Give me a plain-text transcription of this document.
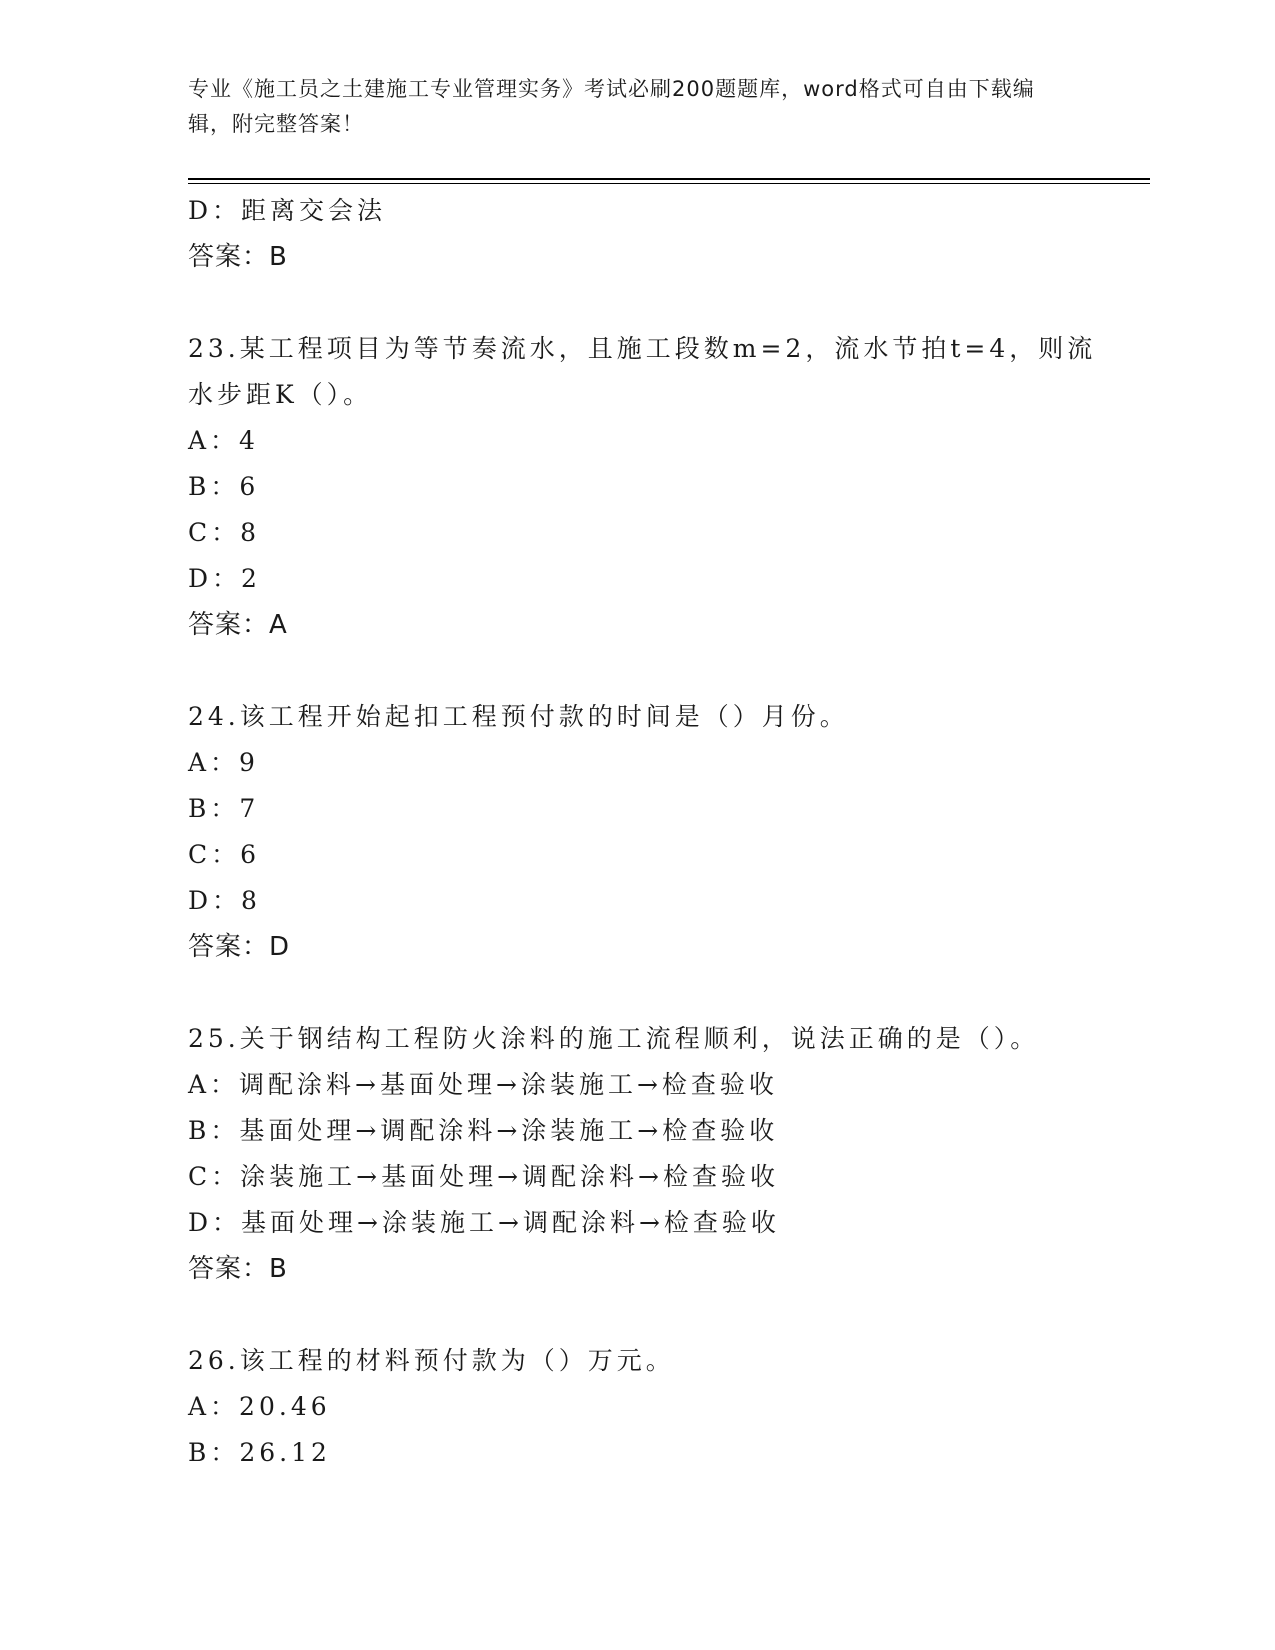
专业《施工员之土建施工专业管理实务》考试必刷200题题库，word格式可自由下载编辑，附完整答案！
D：距离交会法
答案：B
23.某工程项目为等节奏流水，且施工段数m=2，流水节拍t=4，则流
水步距K（）。
A：4
B：6
C：8
D：2
答案：A
24.该工程开始起扣工程预付款的时间是（）月份。
A：9
B：7
C：6
D：8
答案：D
25.关于钢结构工程防火涂料的施工流程顺利，说法正确的是（）。
A：调配涂料→基面处理→涂装施工→检查验收
B：基面处理→调配涂料→涂装施工→检查验收
C：涂装施工→基面处理→调配涂料→检查验收
D：基面处理→涂装施工→调配涂料→检查验收
答案：B
26.该工程的材料预付款为（）万元。
A：20.46
B：26.12
